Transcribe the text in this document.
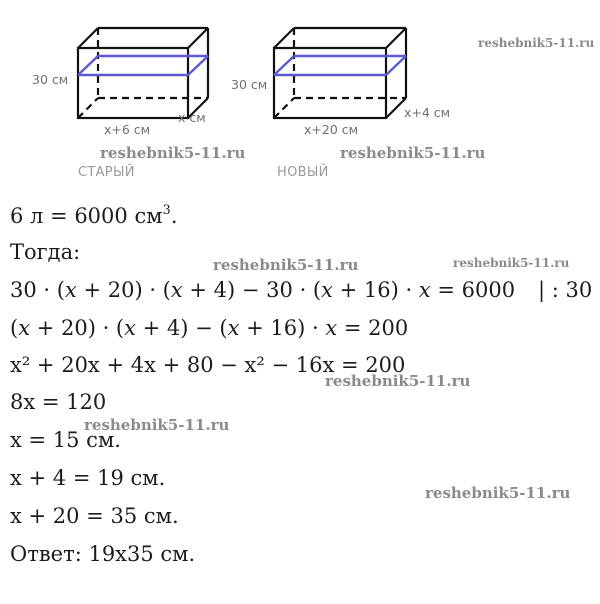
30 см
x+6 см
x см
СТАРЫЙ
30 см
x+20 см
x+4 см
НОВЫЙ
reshebnik5-11.ru
reshebnik5-11.ru	reshebnik5-11.ru
reshebnik5-11.ru	reshebnik5-11.ru
reshebnik5-11.ru
reshebnik5-11.ru
reshebnik5-11.ru
6 л = 6000 $см^3$.
Тогда:
30 · (x + 20) · (x + 4) − 30 · (x + 16) · x = 6000 | : 30
(x + 20) · (x + 4) − (x + 16) · x = 200
x² + 20x + 4x + 80 − x² − 16x = 200
8x = 120
x = 15 см.
x + 4 = 19 см.
x + 20 = 35 см.
Ответ: 19x35 см.
